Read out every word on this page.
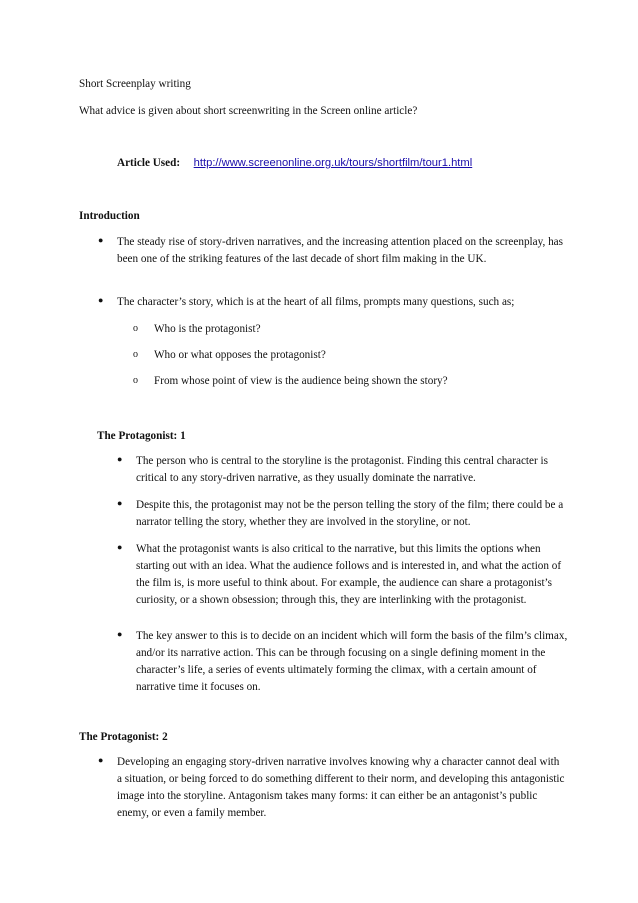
Short Screenplay writing

What advice is given about short screenwriting in the Screen online article?

Article Used: http://www.screenonline.org.uk/tours/shortfilm/tour1.html

Introduction

● The steady rise of story-driven narratives, and the increasing attention placed on the screenplay, has been one of the striking features of the last decade of short film making in the UK.
● The character’s story, which is at the heart of all films, prompts many questions, such as;
o Who is the protagonist?
o Who or what opposes the protagonist?
o From whose point of view is the audience being shown the story?

The Protagonist: 1

● The person who is central to the storyline is the protagonist. Finding this central character is critical to any story-driven narrative, as they usually dominate the narrative.
● Despite this, the protagonist may not be the person telling the story of the film; there could be a narrator telling the story, whether they are involved in the storyline, or not.
● What the protagonist wants is also critical to the narrative, but this limits the options when starting out with an idea. What the audience follows and is interested in, and what the action of the film is, is more useful to think about. For example, the audience can share a protagonist’s curiosity, or a shown obsession; through this, they are interlinking with the protagonist.
● The key answer to this is to decide on an incident which will form the basis of the film’s climax, and/or its narrative action. This can be through focusing on a single defining moment in the character’s life, a series of events ultimately forming the climax, with a certain amount of narrative time it focuses on.

The Protagonist: 2

● Developing an engaging story-driven narrative involves knowing why a character cannot deal with a situation, or being forced to do something different to their norm, and developing this antagonistic image into the storyline. Antagonism takes many forms: it can either be an antagonist’s public enemy, or even a family member.
